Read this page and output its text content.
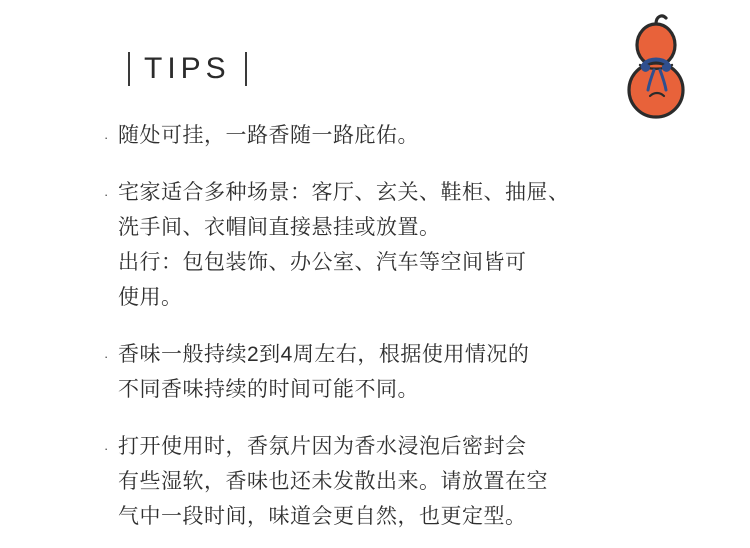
TIPS
· 随处可挂，一路香随一路庇佑。
· 宅家适合多种场景：客厅、玄关、鞋柜、抽屉、
洗手间、衣帽间直接悬挂或放置。
出行：包包装饰、办公室、汽车等空间皆可
使用。
· 香味一般持续2到4周左右，根据使用情况的
不同香味持续的时间可能不同。
· 打开使用时，香氛片因为香水浸泡后密封会
有些湿软，香味也还未发散出来。请放置在空
气中一段时间，味道会更自然，也更定型。
